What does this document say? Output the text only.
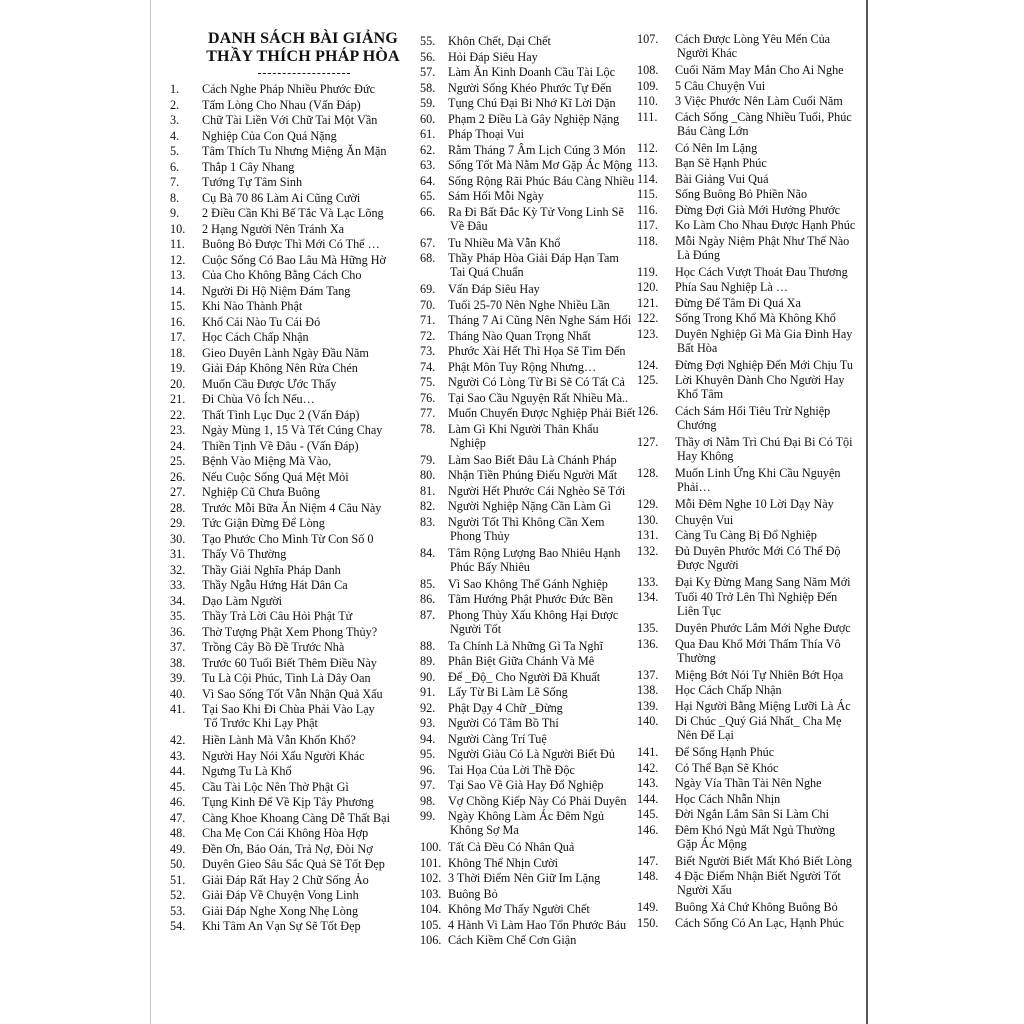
DANH SÁCH BÀI GIẢNG
THẦY THÍCH PHÁP HÒA
1. Cách Nghe Pháp Nhiều Phước Đức
2. Tấm Lòng Cho Nhau (Vấn Đáp)
3. Chữ Tài Liền Với Chữ Tai Một Vần
4. Nghiệp Của Con Quá Nặng
5. Tâm Thích Tu Nhưng Miệng Ăn Mặn
6. Thắp 1 Cây Nhang
7. Tướng Tự Tâm Sinh
8. Cụ Bà 70 86 Làm Ai Cũng Cười
9. 2 Điều Cần Khi Bế Tắc Và Lạc Lõng
10. 2 Hạng Người Nên Tránh Xa
11. Buông Bỏ Được Thì Mới Có Thể …
12. Cuộc Sống Có Bao Lâu Mà Hững Hờ
13. Của Cho Không Bằng Cách Cho
14. Người Đi Hộ Niệm Đám Tang
15. Khi Nào Thành Phật
16. Khổ Cái Nào Tu Cái Đó
17. Học Cách Chấp Nhận
18. Gieo Duyên Lành Ngày Đầu Năm
19. Giải Đáp Không Nên Rửa Chén
20. Muốn Cầu Được Ước Thấy
21. Đi Chùa Vô Ích Nếu…
22. Thất Tình Lục Dục 2 (Vấn Đáp)
23. Ngày Mùng 1, 15 Và Tết Cúng Chay
24. Thiền Tịnh Về Đâu - (Vấn Đáp)
25. Bệnh Vào Miệng Mà Vào,
26. Nếu Cuộc Sống Quá Mệt Mỏi
27. Nghiệp Cũ Chưa Buông
28. Trước Mỗi Bữa Ăn Niệm 4 Câu Này
29. Tức Giận Đừng Để Lòng
30. Tạo Phước Cho Mình Từ Con Số 0
31. Thấy Vô Thường
32. Thầy Giải Nghĩa Pháp Danh
33. Thầy Ngẫu Hứng Hát Dân Ca
34. Dạo Làm Người
35. Thầy Trả Lời Câu Hỏi Phật Tử
36. Thờ Tượng Phật Xem Phong Thủy?
37. Trồng Cây Bồ Đề Trước Nhà
38. Trước 60 Tuổi Biết Thêm Điều Này
39. Tu Là Cội Phúc, Tình Là Dây Oan
40. Vì Sao Sống Tốt Vẫn Nhận Quả Xấu
41. Tại Sao Khi Đi Chùa Phải Vào Lạy
Tổ Trước Khi Lạy Phật
42. Hiền Lành Mà Vẫn Khốn Khổ?
43. Người Hay Nói Xấu Người Khác
44. Ngưng Tu Là Khổ
45. Cầu Tài Lộc Nên Thờ Phật Gì
46. Tụng Kinh Để Về Kịp Tây Phương
47. Càng Khoe Khoang Càng Dễ Thất Bại
48. Cha Mẹ Con Cái Không Hòa Hợp
49. Đền Ơn, Báo Oán, Trả Nợ, Đòi Nợ
50. Duyên Gieo Sâu Sắc Quả Sẽ Tốt Đẹp
51. Giải Đáp Rất Hay 2 Chữ Sống Ảo
52. Giải Đáp Về Chuyện Vong Linh
53. Giải Đáp Nghe Xong Nhẹ Lòng
54. Khi Tâm An Vạn Sự Sẽ Tốt Đẹp
55. Khôn Chết, Dại Chết
56. Hỏi Đáp Siêu Hay
57. Làm Ăn Kinh Doanh Cầu Tài Lộc
58. Người Sống Khéo Phước Tự Đến
59. Tụng Chú Đại Bi Nhớ Kĩ Lời Dặn
60. Phạm 2 Điều Là Gây Nghiệp Nặng
61. Pháp Thoại Vui
62. Rằm Tháng 7 Âm Lịch Cúng 3 Món
63. Sống Tốt Mà Nằm Mơ Gặp Ác Mộng
64. Sống Rộng Rãi Phúc Báu Càng Nhiều
65. Sám Hối Mỗi Ngày
66. Ra Đi Bất Đắc Kỳ Tử Vong Linh Sẽ
Về Đâu
67. Tu Nhiều Mà Vẫn Khổ
68. Thầy Pháp Hòa Giải Đáp Hạn Tam
Tai Quá Chuẩn
69. Vấn Đáp Siêu Hay
70. Tuổi 25-70 Nên Nghe Nhiều Lần
71. Tháng 7 Ai Cũng Nên Nghe Sám Hối
72. Tháng Nào Quan Trọng Nhất
73. Phước Xài Hết Thì Họa Sẽ Tìm Đến
74. Phật Môn Tuy Rộng Nhưng…
75. Người Có Lòng Từ Bi Sẽ Có Tất Cả
76. Tại Sao Cầu Nguyện Rất Nhiều Mà..
77. Muốn Chuyển Được Nghiệp Phải Biết
78. Làm Gì Khi Người Thân Khẩu
Nghiệp
79. Làm Sao Biết Đâu Là Chánh Pháp
80. Nhận Tiền Phúng Điếu Người Mất
81. Người Hết Phước Cái Nghèo Sẽ Tới
82. Người Nghiệp Nặng Cần Làm Gì
83. Người Tốt Thì Không Cần Xem
Phong Thủy
84. Tâm Rộng Lượng Bao Nhiêu Hạnh
Phúc Bấy Nhiêu
85. Vì Sao Không Thể Gánh Nghiệp
86. Tâm Hướng Phật Phước Đức Bền
87. Phong Thủy Xấu Không Hại Được
Người Tốt
88. Ta Chính Là Những Gì Ta Nghĩ
89. Phân Biệt Giữa Chánh Và Mê
90. Để _Độ_ Cho Người Đã Khuất
91. Lấy Từ Bi Làm Lẽ Sống
92. Phật Dạy 4 Chữ _Đừng
93. Người Có Tâm Bồ Thí
94. Người Càng Trí Tuệ
95. Người Giàu Có Là Người Biết Đủ
96. Tai Họa Của Lời Thề Độc
97. Tại Sao Về Già Hay Đổ Nghiệp
98. Vợ Chồng Kiếp Này Có Phải Duyên
99. Ngày Không Làm Ác Đêm Ngủ
Không Sợ Ma
100. Tất Cả Đều Có Nhân Quả
101. Không Thể Nhịn Cười
102. 3 Thời Điểm Nên Giữ Im Lặng
103. Buông Bỏ
104. Không Mơ Thấy Người Chết
105. 4 Hành Vi Làm Hao Tổn Phước Báu
106. Cách Kiềm Chế Cơn Giận
107. Cách Được Lòng Yêu Mến Của
Người Khác
108. Cuối Năm May Mắn Cho Ai Nghe
109. 5 Câu Chuyện Vui
110. 3 Việc Phước Nên Làm Cuối Năm
111. Cách Sống _Càng Nhiều Tuổi, Phúc
Báu Càng Lớn
112. Có Nên Im Lặng
113. Bạn Sẽ Hạnh Phúc
114. Bài Giảng Vui Quá
115. Sống Buông Bỏ Phiền Não
116. Đừng Đợi Già Mới Hưởng Phước
117. Ko Làm Cho Nhau Được Hạnh Phúc
118. Mỗi Ngày Niệm Phật Như Thế Nào
Là Đúng
119. Học Cách Vượt Thoát Đau Thương
120. Phía Sau Nghiệp Là …
121. Đừng Để Tâm Đi Quá Xa
122. Sống Trong Khổ Mà Không Khổ
123. Duyên Nghiệp Gì Mà Gia Đình Hay
Bất Hòa
124. Đừng Đợi Nghiệp Đến Mới Chịu Tu
125. Lời Khuyên Dành Cho Người Hay
Khổ Tâm
126. Cách Sám Hối Tiêu Trừ Nghiệp
Chướng
127. Thầy ơi Nằm Trì Chú Đại Bi Có Tội
Hay Không
128. Muốn Linh Ứng Khi Cầu Nguyện
Phải…
129. Mỗi Đêm Nghe 10 Lời Dạy Này
130. Chuyện Vui
131. Càng Tu Càng Bị Đổ Nghiệp
132. Đủ Duyên Phước Mới Có Thể Độ
Được Người
133. Đại Kỵ Đừng Mang Sang Năm Mới
134. Tuổi 40 Trở Lên Thì Nghiệp Đến
Liên Tục
135. Duyên Phước Lắm Mới Nghe Được
136. Qua Đau Khổ Mới Thấm Thía Vô
Thường
137. Miệng Bớt Nói Tự Nhiên Bớt Họa
138. Học Cách Chấp Nhận
139. Hại Người Bằng Miệng Lưỡi Là Ác
140. Di Chúc _Quý Giá Nhất_ Cha Mẹ
Nên Để Lại
141. Để Sống Hạnh Phúc
142. Có Thể Bạn Sẽ Khóc
143. Ngày Vía Thần Tài Nên Nghe
144. Học Cách Nhẫn Nhịn
145. Đời Ngắn Lắm Sân Si Làm Chi
146. Đêm Khó Ngủ Mất Ngủ Thường
Gặp Ác Mộng
147. Biết Người Biết Mất Khó Biết Lòng
148. 4 Đặc Điểm Nhận Biết Người Tốt
Người Xấu
149. Buông Xả Chứ Không Buông Bỏ
150. Cách Sống Có An Lạc, Hạnh Phúc
